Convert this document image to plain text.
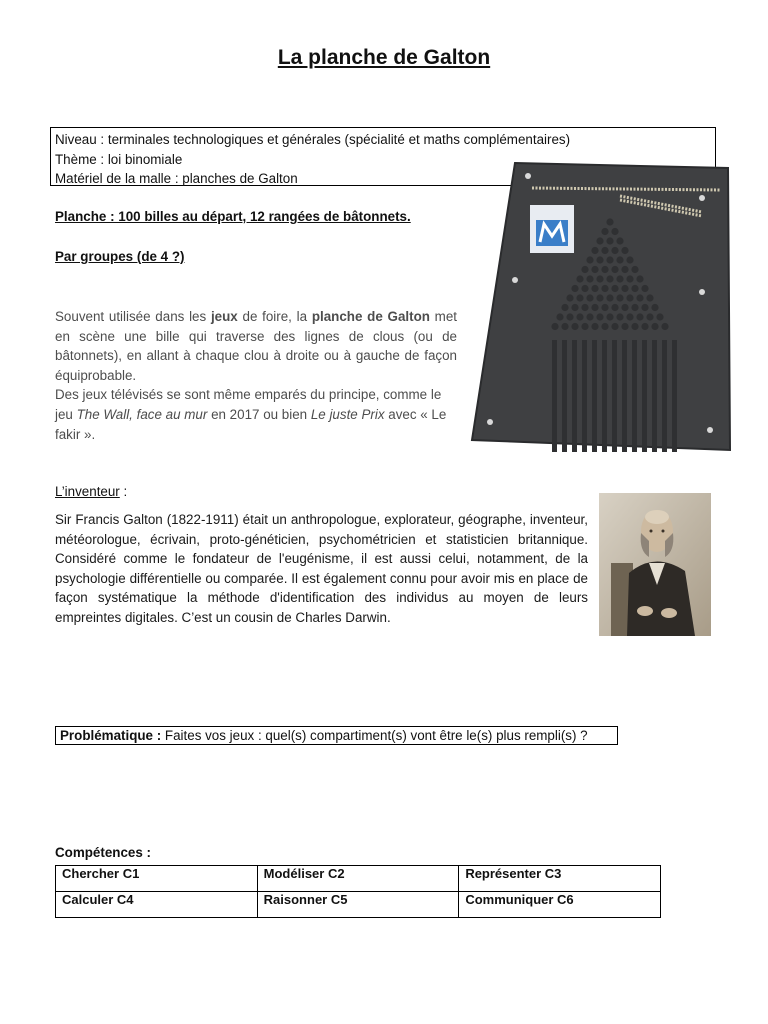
La planche de Galton
Niveau : terminales technologiques et générales (spécialité et maths complémentaires)
Thème : loi binomiale
Matériel de la malle : planches de Galton
Planche : 100 billes au départ, 12 rangées de bâtonnets.
Par groupes (de 4 ?)

Souvent utilisée dans les jeux de foire, la planche de Galton met en scène une bille qui traverse des lignes de clous (ou de bâtonnets), en allant à chaque clou à droite ou à gauche de façon équiprobable.

Des jeux télévisés se sont même emparés du principe, comme le jeu The Wall, face au mur en 2017 ou bien Le juste Prix avec « Le fakir ».

L’inventeur :
Sir Francis Galton (1822-1911) était un anthropologue, explorateur, géographe, inventeur, météorologue, écrivain, proto-généticien, psychométricien et statisticien britannique. Considéré comme le fondateur de l'eugénisme, il est aussi celui, notamment, de la psychologie différentielle ou comparée. Il est également connu pour avoir mis en place de façon systématique la méthode d'identification des individus au moyen de leurs empreintes digitales. C’est un cousin de Charles Darwin.
Problématique : Faites vos jeux : quel(s) compartiment(s) vont être le(s) plus rempli(s) ?
Compétences :
Chercher C1	Modéliser C2	Représenter C3
Calculer C4	Raisonner C5	Communiquer C6
